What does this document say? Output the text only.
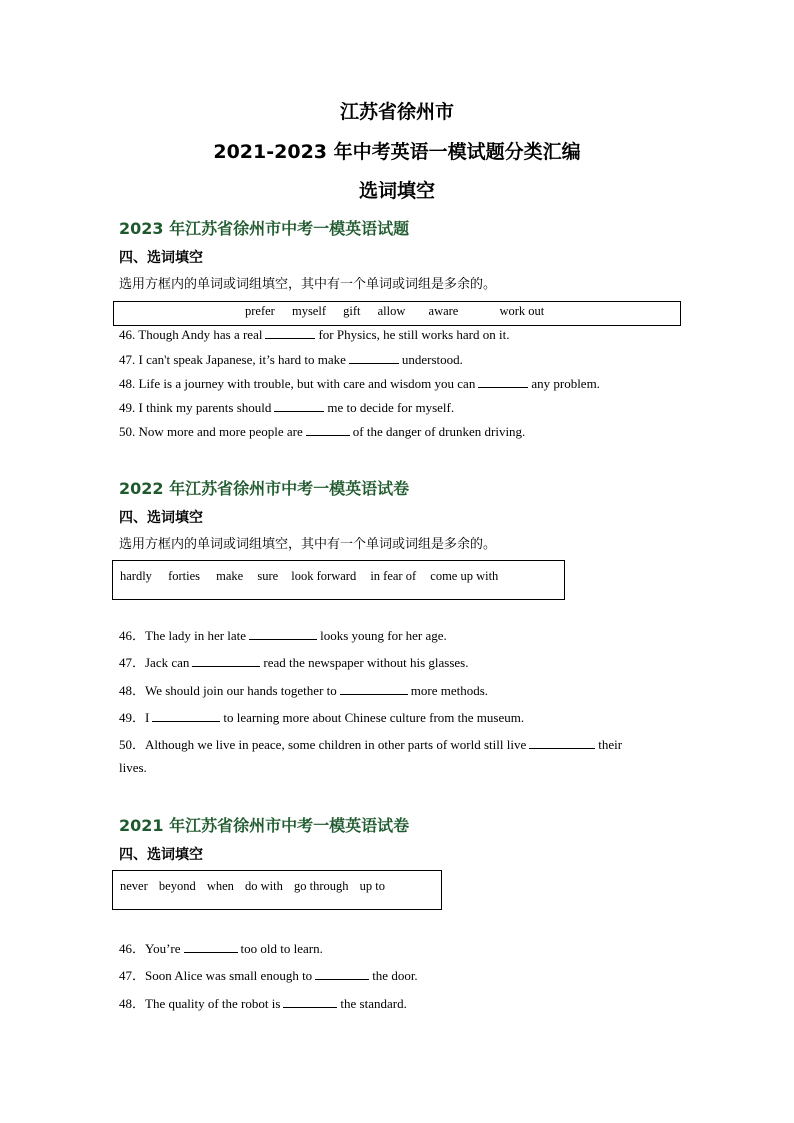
江苏省徐州市
2021-2023 年中考英语一模试题分类汇编
选词填空
2023 年江苏省徐州市中考一模英语试题
四、选词填空
选用方框内的单词或词组填空，其中有一个单词或词组是多余的。
prefer myself gift allow aware	work out
46. Though Andy has a real	for Physics, he still works hard on it.
47. I can't speak Japanese, it’s hard to make	understood.
48. Life is a journey with trouble, but with care and wisdom you can	any problem.
49. I think my parents should	me to decide for myself.
50. Now more and more people are	of the danger of drunken driving.
2022 年江苏省徐州市中考一模英语试卷
四、选词填空
选用方框内的单词或词组填空，其中有一个单词或词组是多余的。
hardly forties make sure look forward in fear of come up with
46．The lady in her late	looks young for her age.
47．Jack can	read the newspaper without his glasses.
48．We should join our hands together to	more methods.
49．I	to learning more about Chinese culture from the museum.
50．Although we live in peace, some children in other parts of world still live	their
lives.
2021 年江苏省徐州市中考一模英语试卷
四、选词填空
never beyond when do with go through up to
46．You’re	too old to learn.
47．Soon Alice was small enough to	the door.
48．The quality of the robot is	the standard.
